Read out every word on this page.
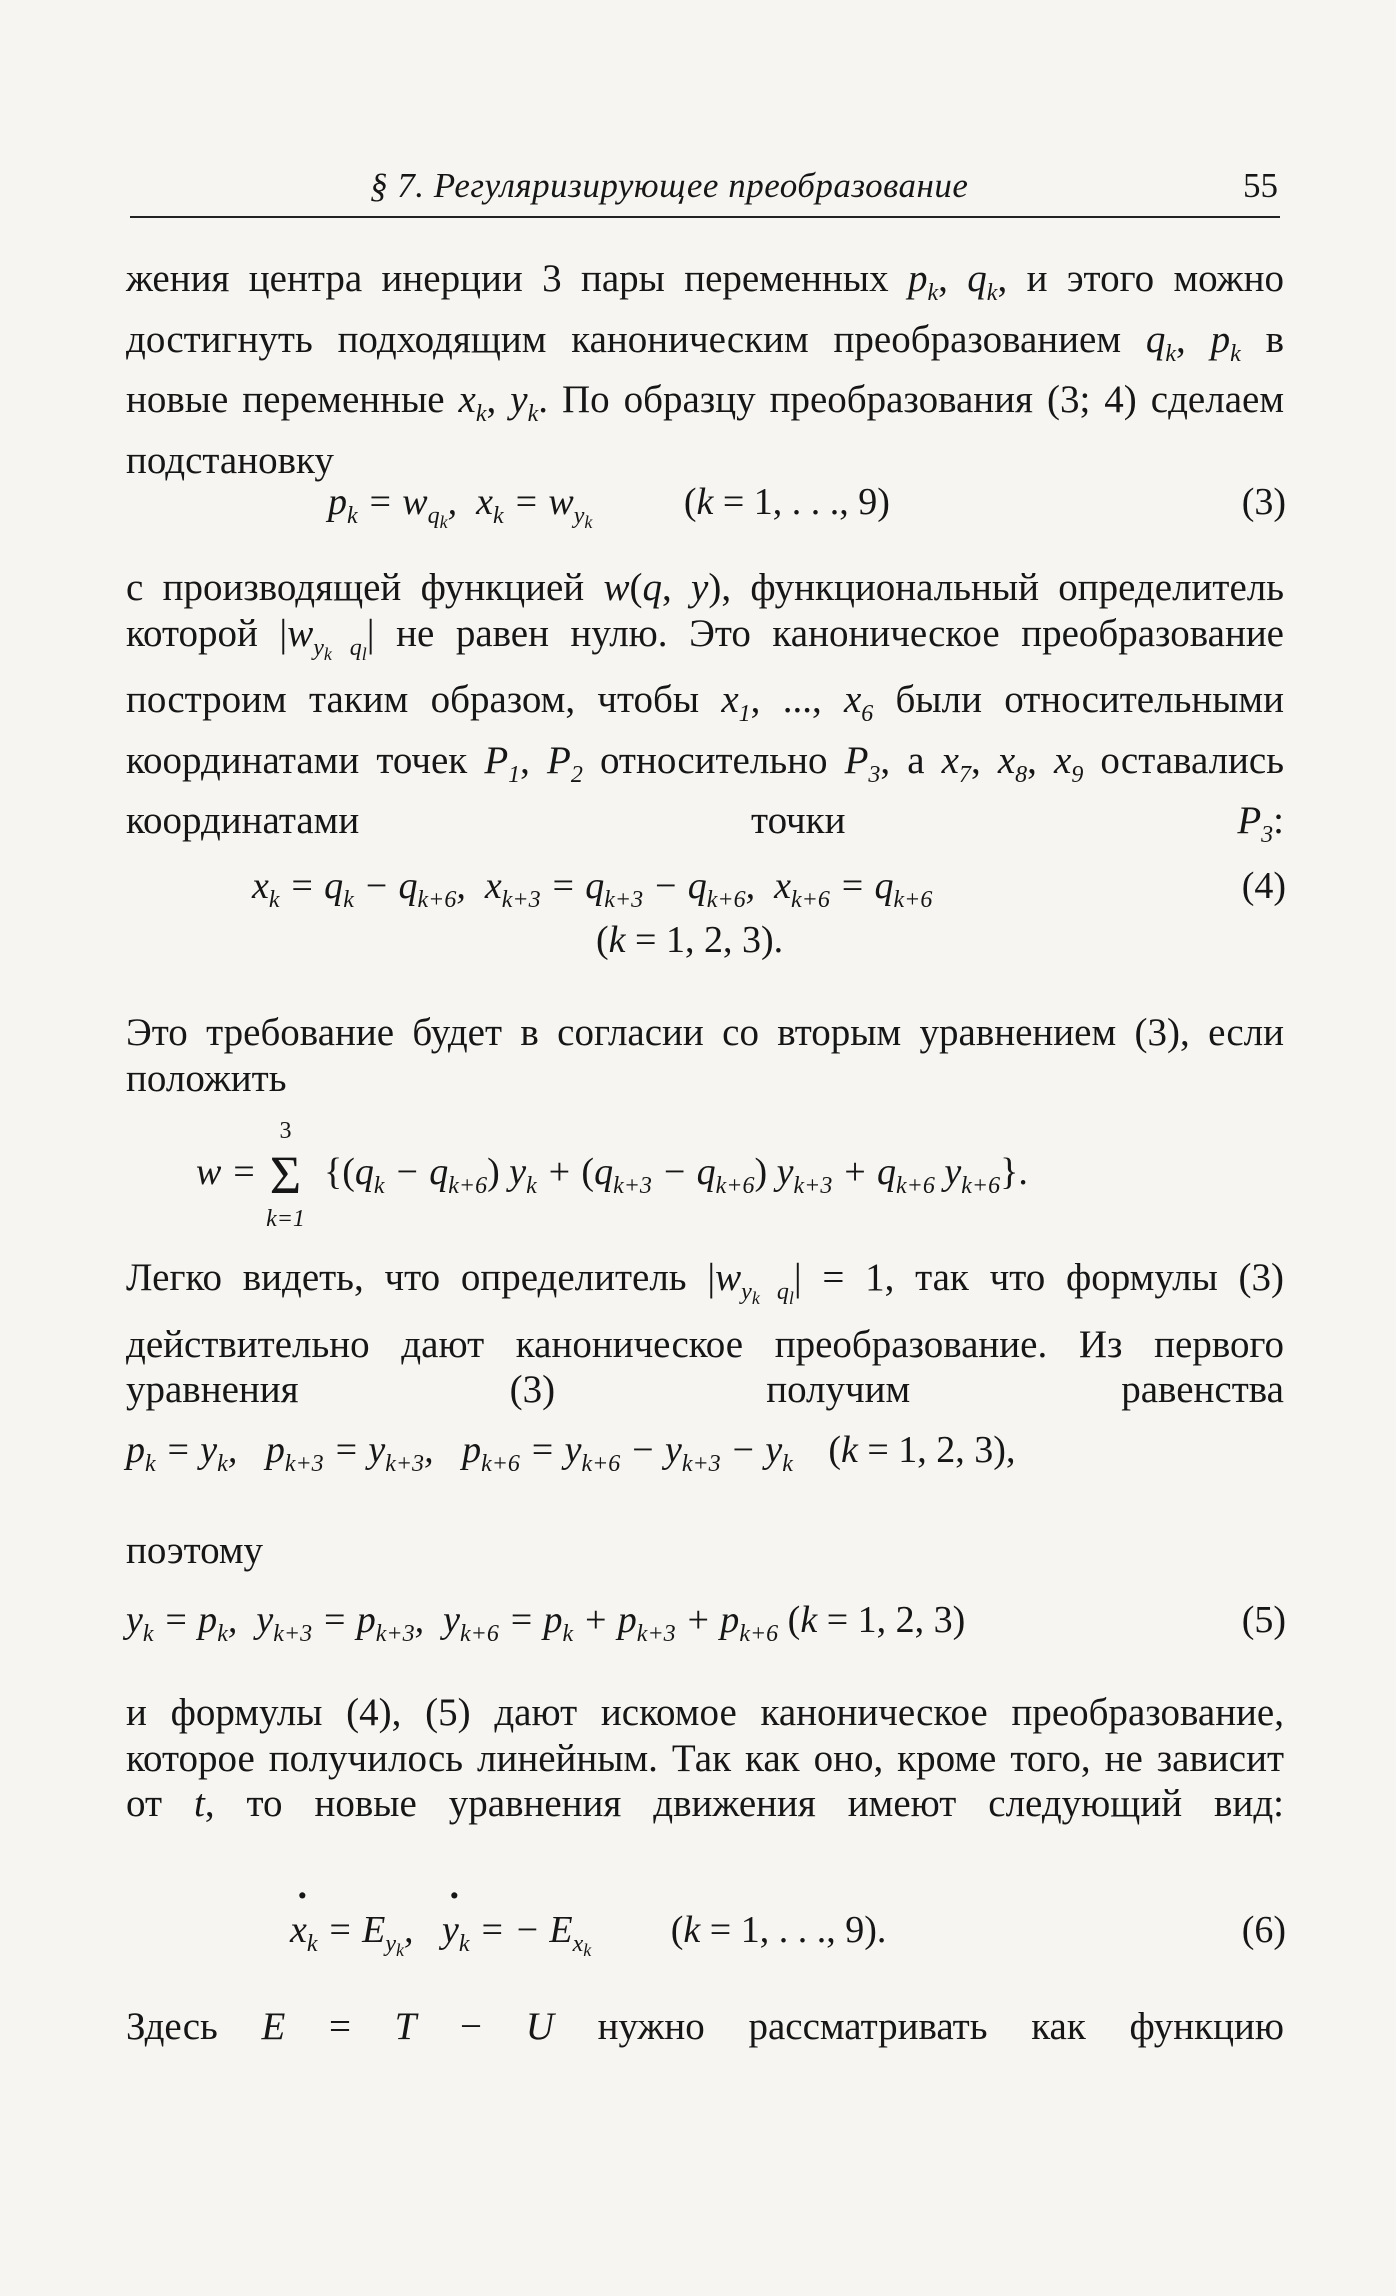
§ 7. Регуляризирующее преобразование	55
жения центра инерции 3 пары переменных $p_k$, $q_k$, и этого можно достигнуть подходящим каноническим преобразованием $q_k$, $p_k$ в новые переменные $x_k$, $y_k$. По образцу преобразования (3; 4) сделаем подстановку
$p_k = w_{q_k}$,  $x_k = w_{y_k}$ (k = 1, . . ., 9)	(3)
с производящей функцией w(q, y), функциональный определитель которой $|w_{y_k q_l}|$ не равен нулю. Это каноническое преобразование построим таким образом, чтобы $x_1$, ..., $x_6$ были относительными координатами точек $P_1$, $P_2$ относительно $P_3$, а $x_7$, $x_8$, $x_9$ оставались координатами точки $P_3$:
$x_k = q_k - q_{k+6}$,  $x_{k+3} = q_{k+3} - q_{k+6}$,  $x_{k+6} = q_{k+6}$	(4)
(k = 1, 2, 3).
Это требование будет в согласии со вторым уравнением (3), если положить
w =
3
Σ
k=1
{$(q_k - q_{k+6}) y_k + (q_{k+3} - q_{k+6}) y_{k+3} + q_{k+6}$ $y_{k+6}$}.
Легко видеть, что определитель $|w_{y_k q_l}| = 1$, так что формулы (3) действительно дают каноническое преобразование. Из первого уравнения (3) получим равенства
$p_k = y_k$,   $p_{k+3} = y_{k+3}$,   $p_{k+6} = y_{k+6} - y_{k+3} - y_k$ (k = 1, 2, 3),
поэтому
$y_k = p_k$,  $y_{k+3} = p_{k+3}$,  $y_{k+6} = p_k + p_{k+3} + p_{k+6}$ (k = 1, 2, 3)	(5)
и формулы (4), (5) дают искомое каноническое преобразование, которое получилось линейным. Так как оно, кроме того, не зависит от t, то новые уравнения движения имеют следующий вид:
· $x_k = E_{y_k}$,   · $y_k$ = − $E_{x_k}$ (k = 1, . . ., 9).	(6)
Здесь E = T − U нужно рассматривать как функцию
